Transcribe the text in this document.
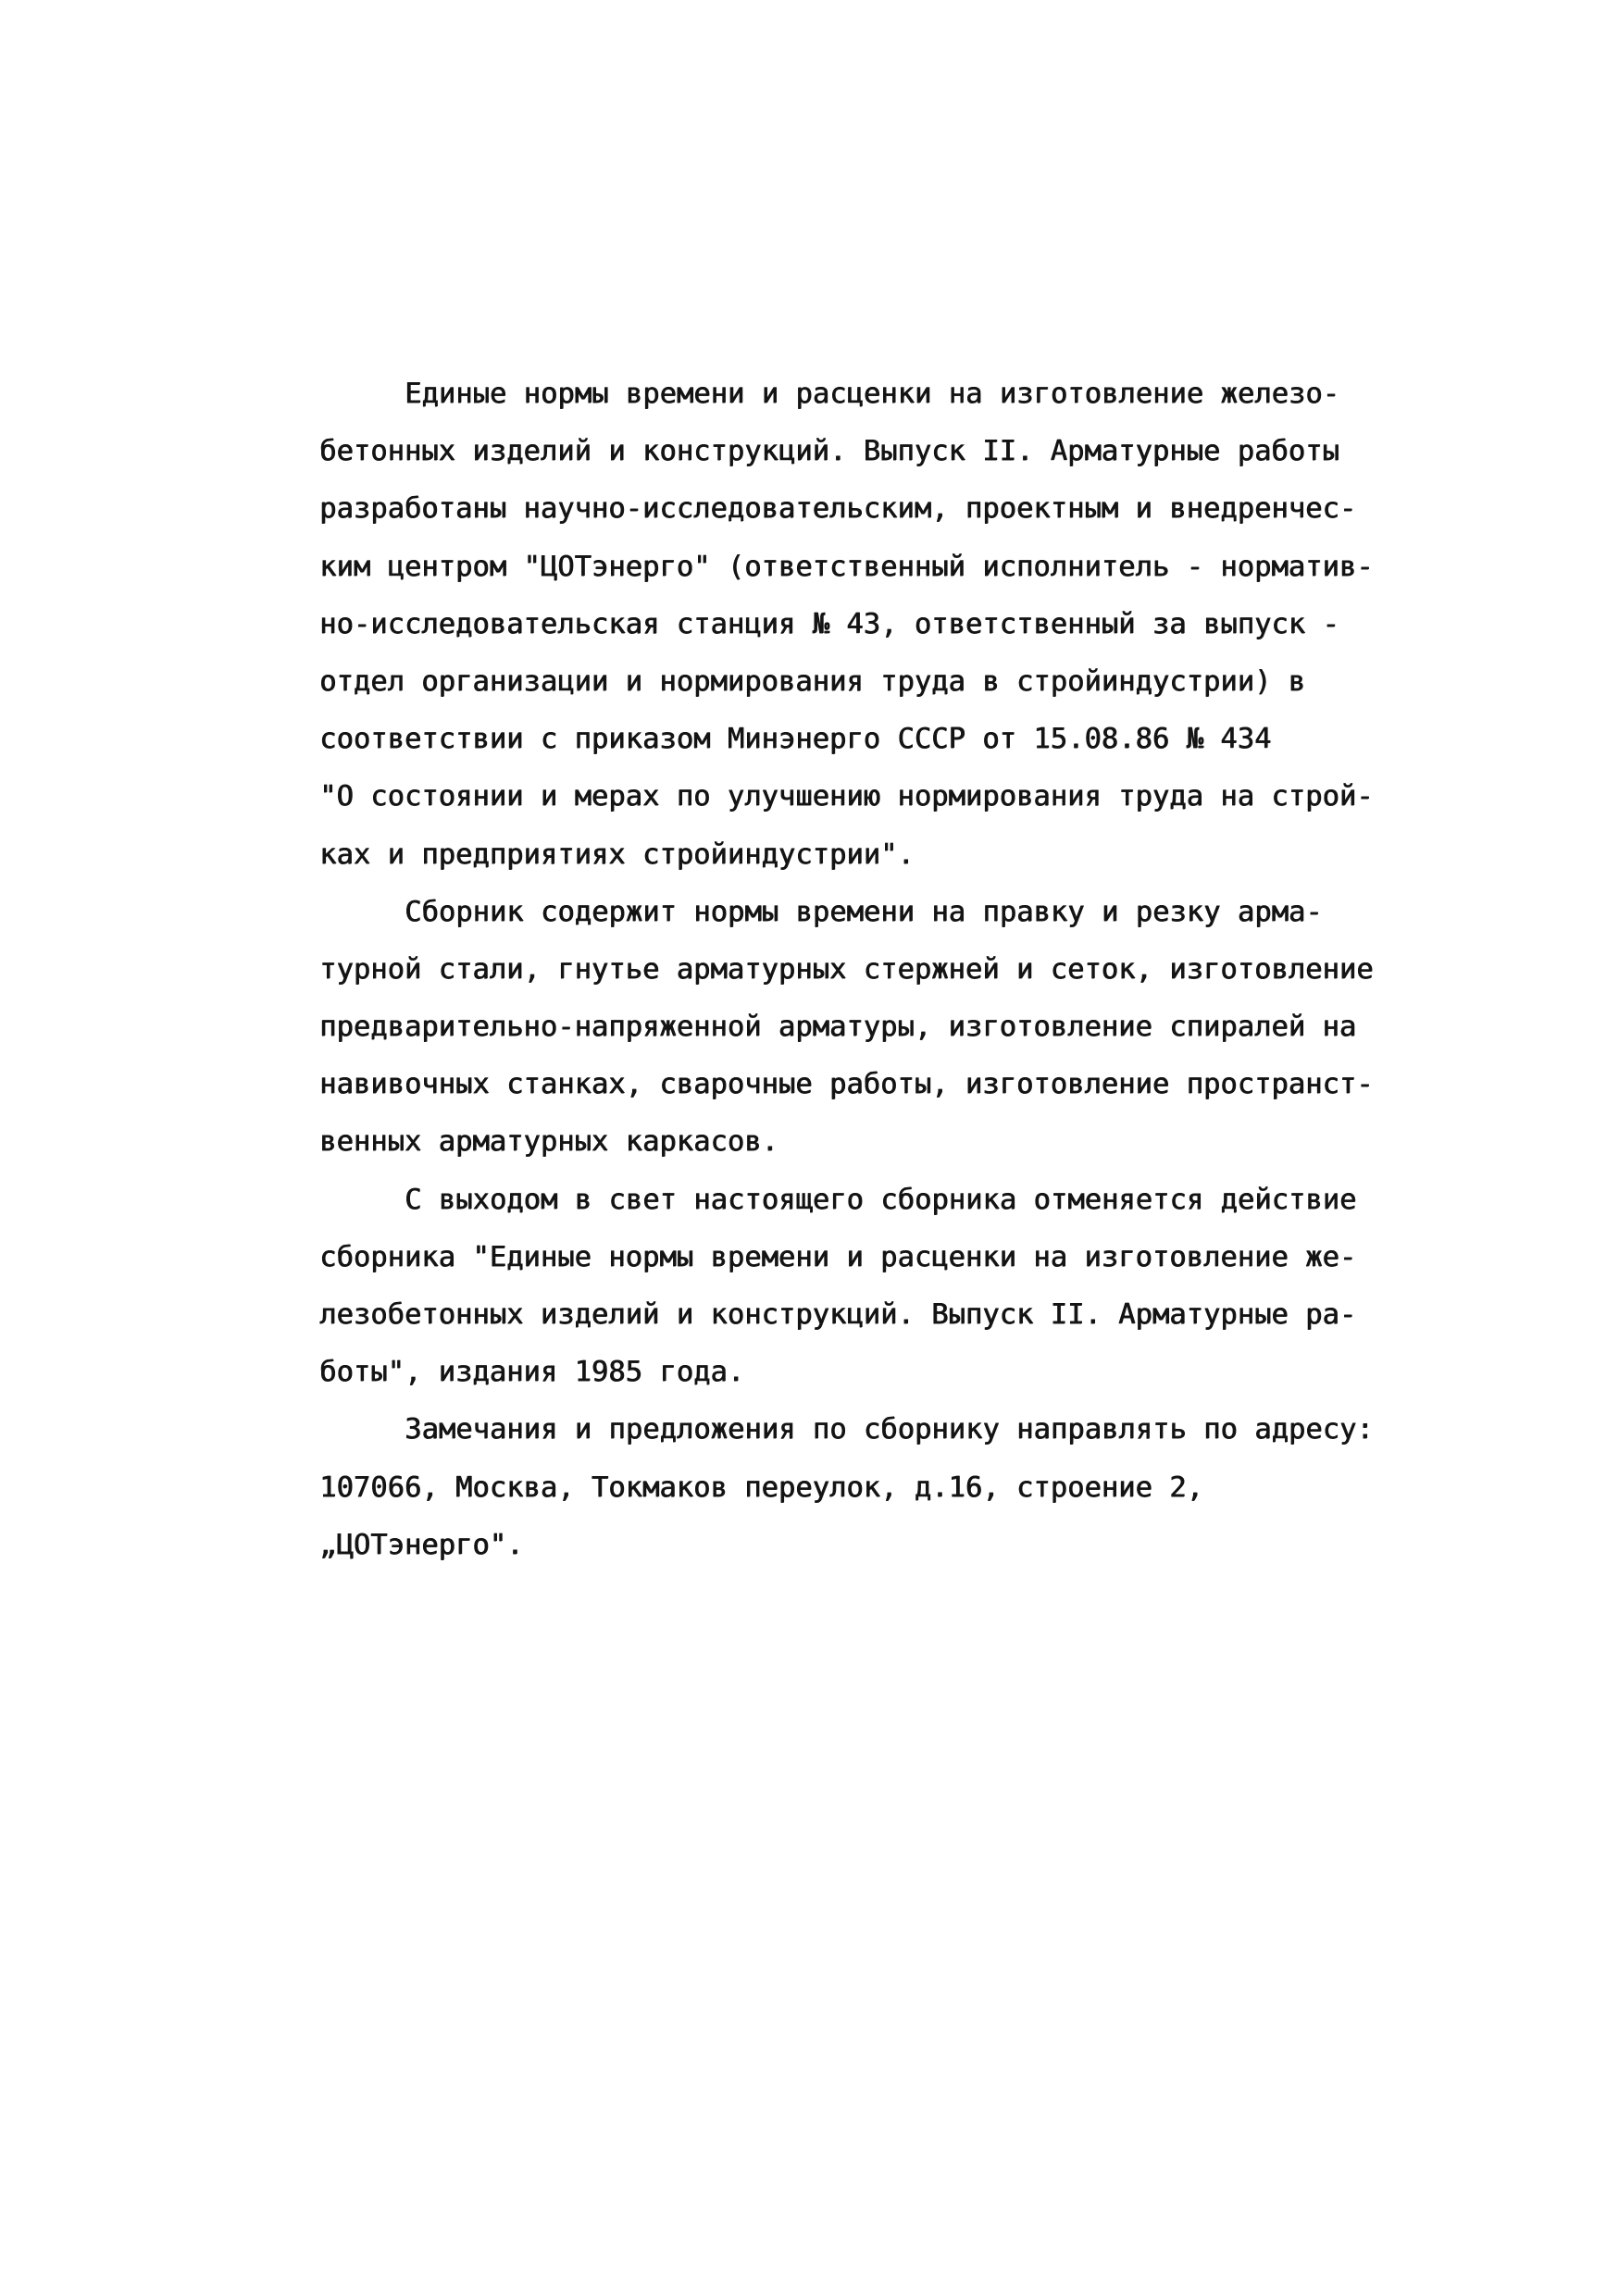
Единые нормы времени и расценки на изготовление железо-
бетонных изделий и конструкций. Выпуск II. Арматурные работы
разработаны научно-исследовательским, проектным и внедренчес-
ким центром "ЦОТэнерго" (ответственный исполнитель - норматив-
но-исследовательская станция № 43, ответственный за выпуск -
отдел организации и нормирования труда в стройиндустрии) в
соответствии с приказом Минэнерго СССР от 15.08.86 № 434
"О состоянии и мерах по улучшению нормирования труда на строй-
ках и предприятиях стройиндустрии".
Сборник содержит нормы времени на правку и резку арма-
турной стали, гнутье арматурных стержней и сеток, изготовление
предварительно-напряженной арматуры, изготовление спиралей на
навивочных станках, сварочные работы, изготовление пространст-
венных арматурных каркасов.
С выходом в свет настоящего сборника отменяется действие
сборника "Единые нормы времени и расценки на изготовление же-
лезобетонных изделий и конструкций. Выпуск II. Арматурные ра-
боты", издания 1985 года.
Замечания и предложения по сборнику направлять по адресу:
107066, Москва, Токмаков переулок, д.16, строение 2,
„ЦОТэнерго".
